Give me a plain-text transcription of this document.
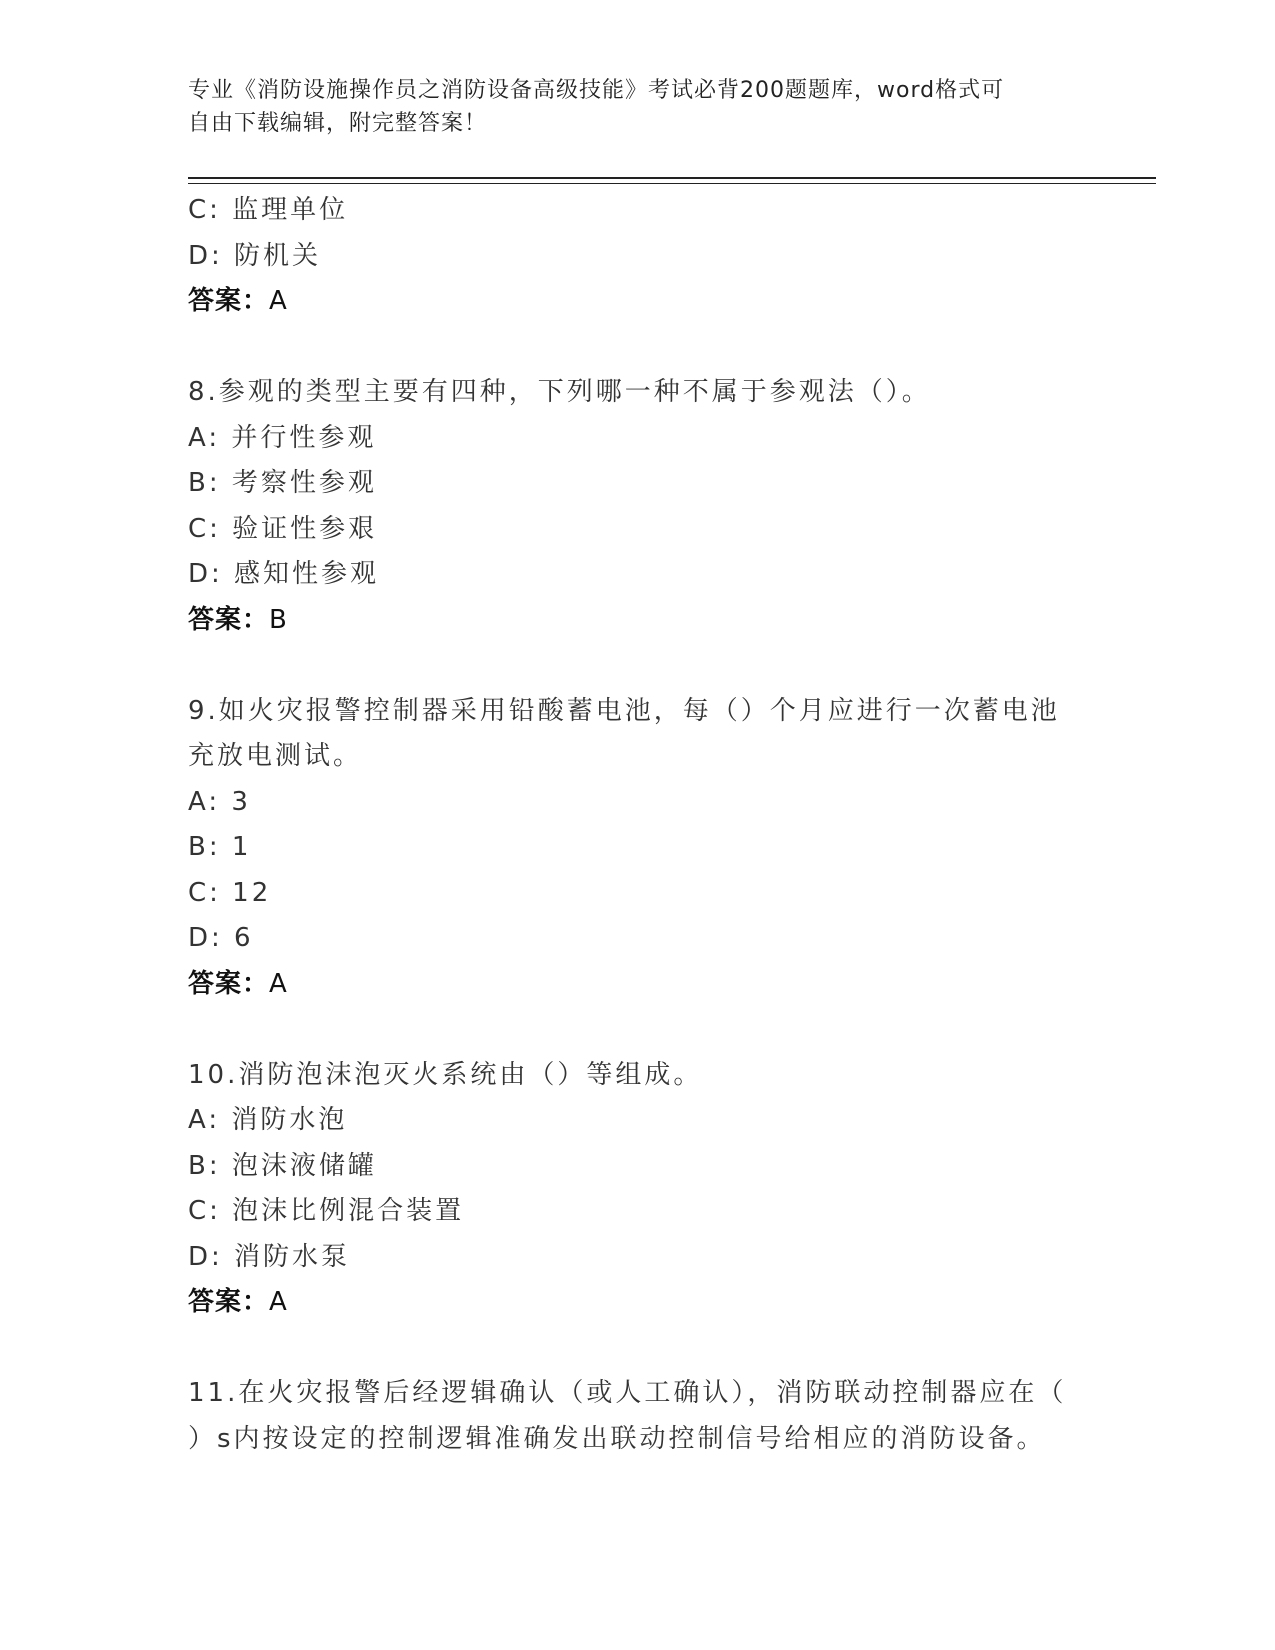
专业《消防设施操作员之消防设备高级技能》考试必背200题题库，word格式可
自由下载编辑，附完整答案！
C: 监理单位
D: 防机关
答案：A
8.参观的类型主要有四种，下列哪一种不属于参观法（）。
A: 并行性参观
B: 考察性参观
C: 验证性参艰
D: 感知性参观
答案：B
9.如火灾报警控制器采用铅酸蓄电池，每（）个月应进行一次蓄电池
充放电测试。
A: 3
B: 1
C: 12
D: 6
答案：A
10.消防泡沫泡灭火系统由（）等组成。
A: 消防水泡
B: 泡沫液储罐
C: 泡沫比例混合装置
D: 消防水泵
答案：A
11.在火灾报警后经逻辑确认（或人工确认），消防联动控制器应在（
）s内按设定的控制逻辑准确发出联动控制信号给相应的消防设备。
